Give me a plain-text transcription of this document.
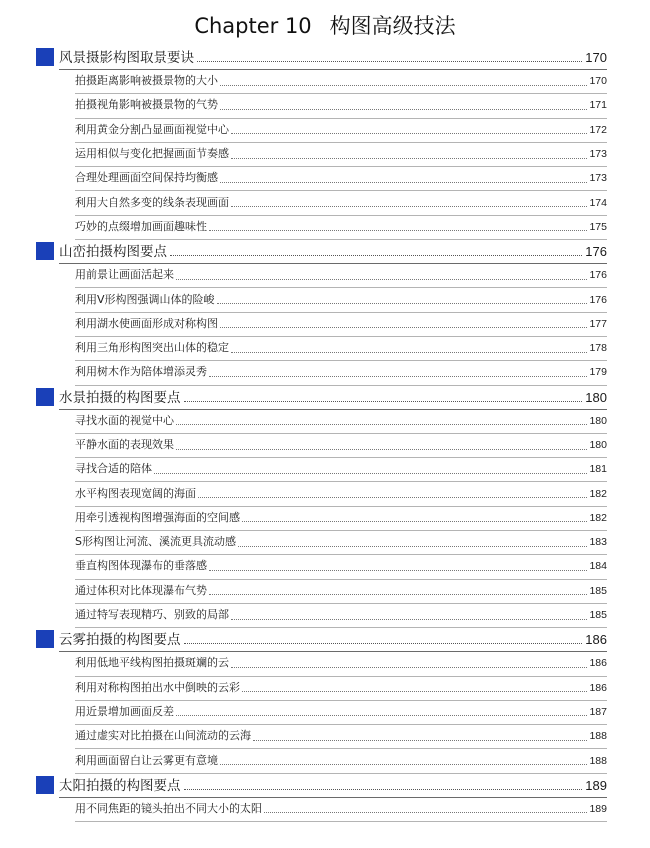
Chapter 10 构图高级技法
风景摄影构图取景要诀	170
拍摄距离影响被摄景物的大小	170
拍摄视角影响被摄景物的气势	171
利用黄金分割凸显画面视觉中心	172
运用相似与变化把握画面节奏感	173
合理处理画面空间保持均衡感	173
利用大自然多变的线条表现画面	174
巧妙的点缀增加画面趣味性	175
山峦拍摄构图要点	176
用前景让画面活起来	176
利用V形构图强调山体的险峻	176
利用湖水使画面形成对称构图	177
利用三角形构图突出山体的稳定	178
利用树木作为陪体增添灵秀	179
水景拍摄的构图要点	180
寻找水面的视觉中心	180
平静水面的表现效果	180
寻找合适的陪体	181
水平构图表现宽阔的海面	182
用牵引透视构图增强海面的空间感	182
S形构图让河流、溪流更具流动感	183
垂直构图体现瀑布的垂落感	184
通过体积对比体现瀑布气势	185
通过特写表现精巧、别致的局部	185
云雾拍摄的构图要点	186
利用低地平线构图拍摄斑斓的云	186
利用对称构图拍出水中倒映的云彩	186
用近景增加画面反差	187
通过虚实对比拍摄在山间流动的云海	188
利用画面留白让云雾更有意境	188
太阳拍摄的构图要点	189
用不同焦距的镜头拍出不同大小的太阳	189
